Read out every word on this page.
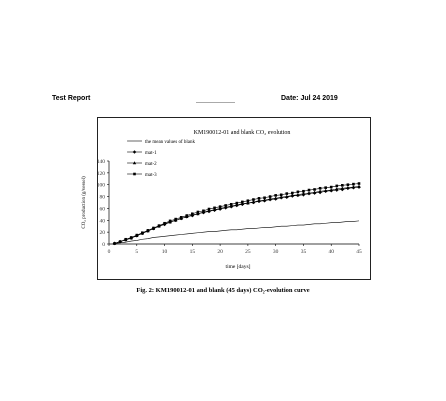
Test Report	Date: Jul 24 2019
KM190012-01 and blank CO₂ evolution
0
20
40
60
80
100
120
140
0	5	10	15	20	25	30	35	40	45
time [days]
CO₂ production (g/vessel)
the mean values of blank
mat-1
mat-2
mat-3
Fig. 2: KM190012-01 and blank (45 days) CO₂-evolution curve
